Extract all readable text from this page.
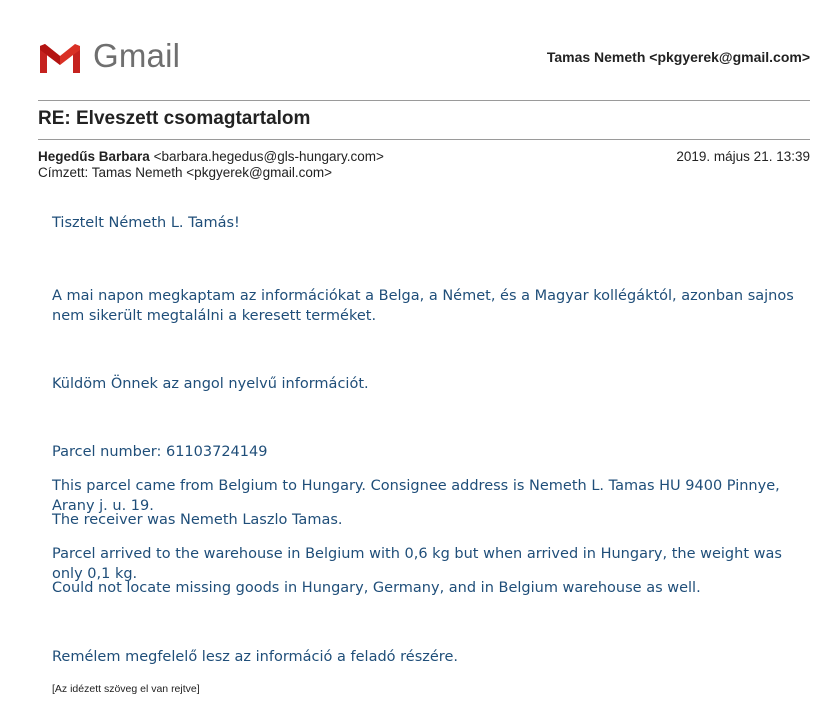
Gmail	Tamas Nemeth <pkgyerek@gmail.com>
RE: Elveszett csomagtartalom
Hegedűs Barbara <barbara.hegedus@gls-hungary.com>	2019. május 21. 13:39
Címzett: Tamas Nemeth <pkgyerek@gmail.com>

Tisztelt Németh L. Tamás!

A mai napon megkaptam az információkat a Belga, a Német, és a Magyar kollégáktól, azonban sajnos nem sikerült megtalálni a keresett terméket.

Küldöm Önnek az angol nyelvű információt.

Parcel number: 61103724149

This parcel came from Belgium to Hungary. Consignee address is Nemeth L. Tamas HU 9400 Pinnye, Arany j. u. 19.

The receiver was Nemeth Laszlo Tamas.

Parcel arrived to the warehouse in Belgium with 0,6 kg but when arrived in Hungary, the weight was only 0,1 kg.

Could not locate missing goods in Hungary, Germany, and in Belgium warehouse as well.

Remélem megfelelő lesz az információ a feladó részére.

[Az idézett szöveg el van rejtve]
